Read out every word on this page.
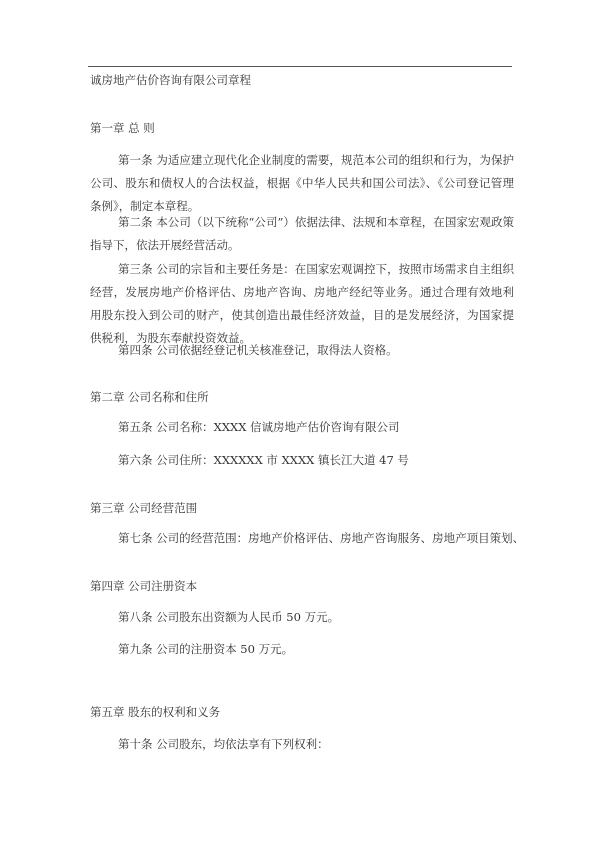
诚房地产估价咨询有限公司章程
第一章 总 则
第一条 为适应建立现代化企业制度的需要，规范本公司的组织和行为，为保护公司、股东和债权人的合法权益，根据《中华人民共和国公司法》、《公司登记管理条例》，制定本章程。
第二条 本公司（以下统称“公司”）依据法律、法规和本章程，在国家宏观政策指导下，依法开展经营活动。
第三条 公司的宗旨和主要任务是：在国家宏观调控下，按照市场需求自主组织经营，发展房地产价格评估、房地产咨询、房地产经纪等业务。通过合理有效地利用股东投入到公司的财产，使其创造出最佳经济效益，目的是发展经济，为国家提供税利，为股东奉献投资效益。
第四条 公司依据经登记机关核准登记，取得法人资格。
第二章 公司名称和住所
第五条 公司名称：XXXX 信诚房地产估价咨询有限公司
第六条 公司住所：XXXXXX 市 XXXX 镇长江大道 47 号
第三章 公司经营范围
第七条 公司的经营范围：房地产价格评估、房地产咨询服务、房地产项目策划、
第四章 公司注册资本
第八条 公司股东出资额为人民币 50 万元。
第九条 公司的注册资本 50 万元。
第五章 股东的权利和义务
第十条 公司股东，均依法享有下列权利：
